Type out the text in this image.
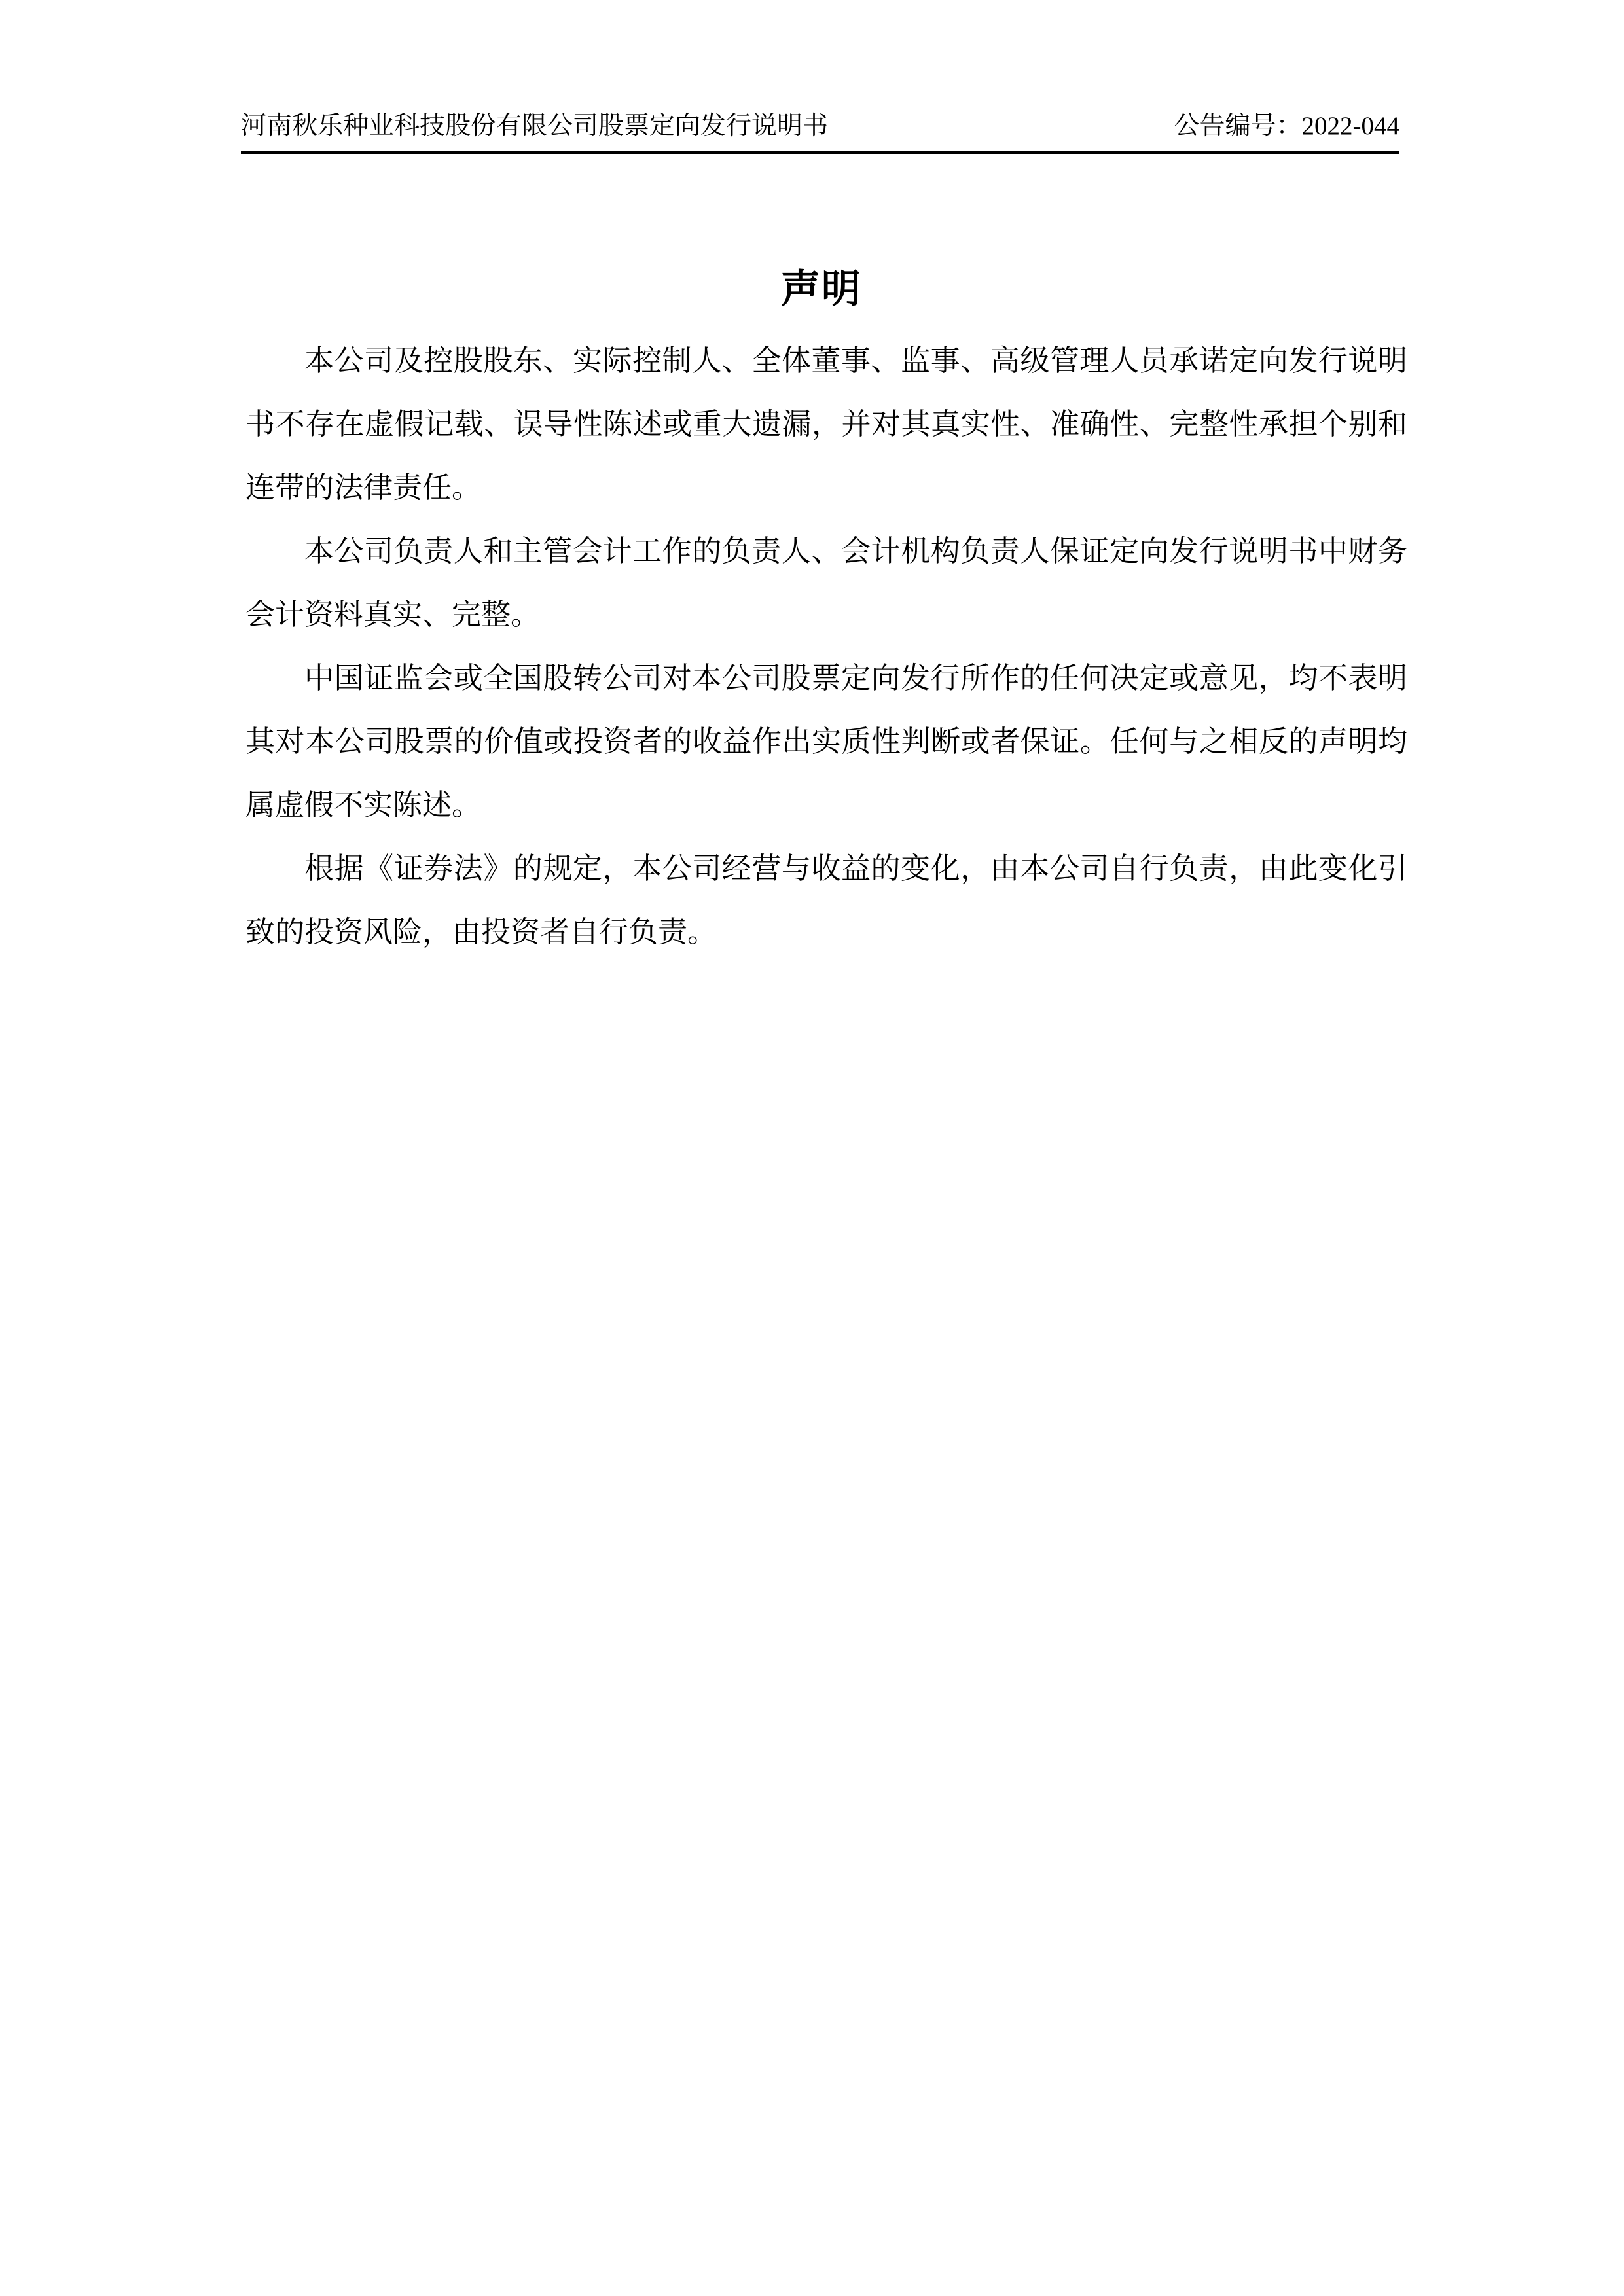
河南秋乐种业科技股份有限公司股票定向发行说明书	公告编号：2022-044
声明

本公司及控股股东、实际控制人、全体董事、监事、高级管理人员承诺定向发行说明书不存在虚假记载、误导性陈述或重大遗漏，并对其真实性、准确性、完整性承担个别和连带的法律责任。

本公司负责人和主管会计工作的负责人、会计机构负责人保证定向发行说明书中财务会计资料真实、完整。

中国证监会或全国股转公司对本公司股票定向发行所作的任何决定或意见，均不表明其对本公司股票的价值或投资者的收益作出实质性判断或者保证。任何与之相反的声明均属虚假不实陈述。

根据《证券法》的规定，本公司经营与收益的变化，由本公司自行负责，由此变化引致的投资风险，由投资者自行负责。
